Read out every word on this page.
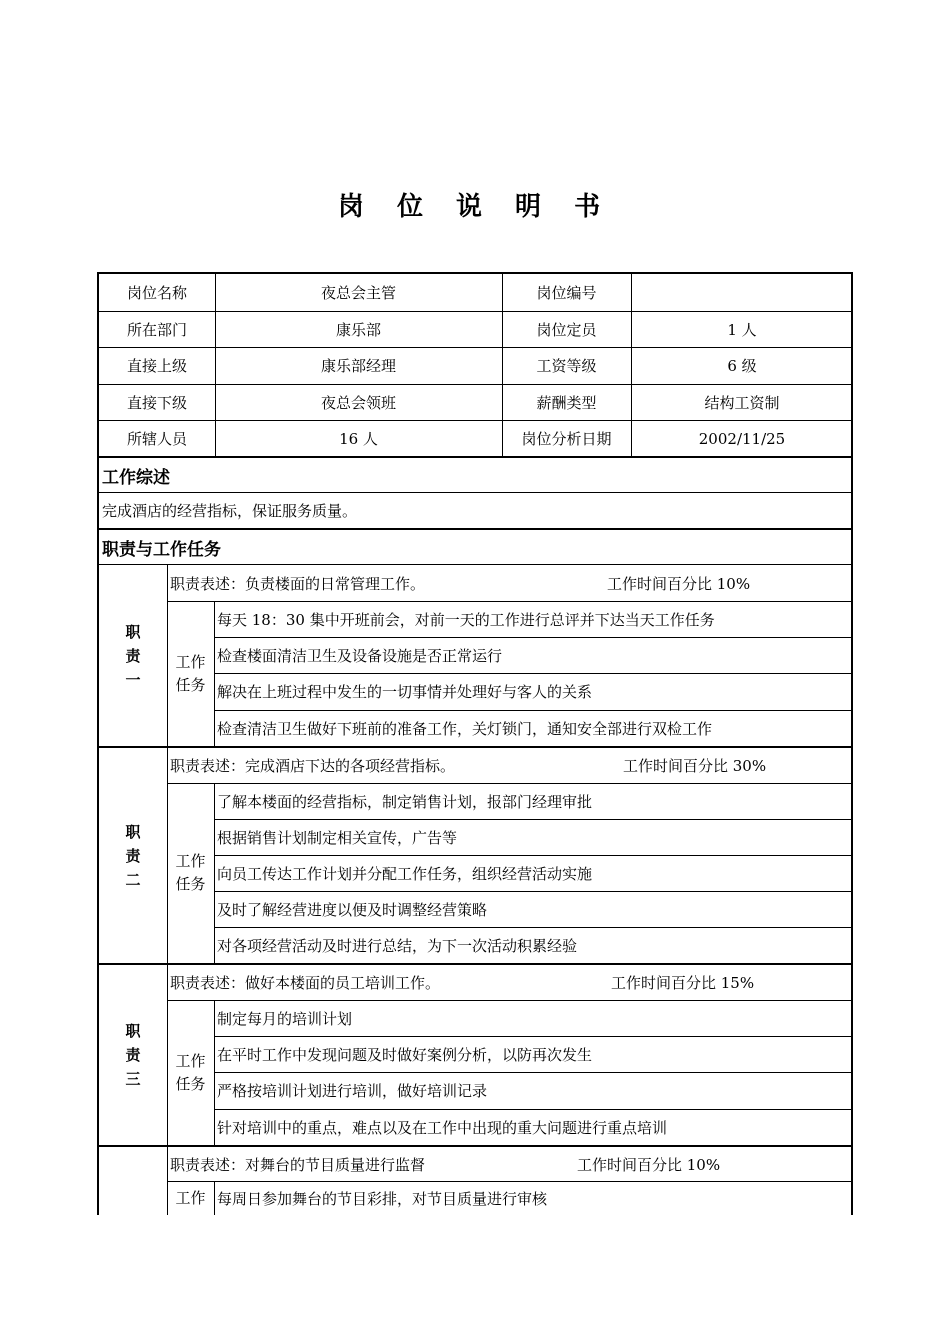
岗 位 说 明 书
岗位名称	夜总会主管	岗位编号
所在部门	康乐部	岗位定员	1 人
直接上级	康乐部经理	工资等级	6 级
直接下级	夜总会领班	薪酬类型	结构工资制
所辖人员	16 人	岗位分析日期	2002/11/25
工作综述
完成酒店的经营指标，保证服务质量。
职责与工作任务
职
责
一
职责表述：负责楼面的日常管理工作。	工作时间百分比 10%
工作
任务
每天 18：30 集中开班前会，对前一天的工作进行总评并下达当天工作任务
检查楼面清洁卫生及设备设施是否正常运行
解决在上班过程中发生的一切事情并处理好与客人的关系
检查清洁卫生做好下班前的准备工作，关灯锁门，通知安全部进行双检工作
职
责
二
职责表述：完成酒店下达的各项经营指标。	工作时间百分比 30%
工作
任务
了解本楼面的经营指标，制定销售计划，报部门经理审批
根据销售计划制定相关宣传，广告等
向员工传达工作计划并分配工作任务，组织经营活动实施
及时了解经营进度以便及时调整经营策略
对各项经营活动及时进行总结，为下一次活动积累经验
职
责
三
职责表述：做好本楼面的员工培训工作。	工作时间百分比 15%
工作
任务
制定每月的培训计划
在平时工作中发现问题及时做好案例分析，以防再次发生
严格按培训计划进行培训，做好培训记录
针对培训中的重点，难点以及在工作中出现的重大问题进行重点培训
职责表述：对舞台的节目质量进行监督	工作时间百分比 10%
工作 每周日参加舞台的节目彩排，对节目质量进行审核
